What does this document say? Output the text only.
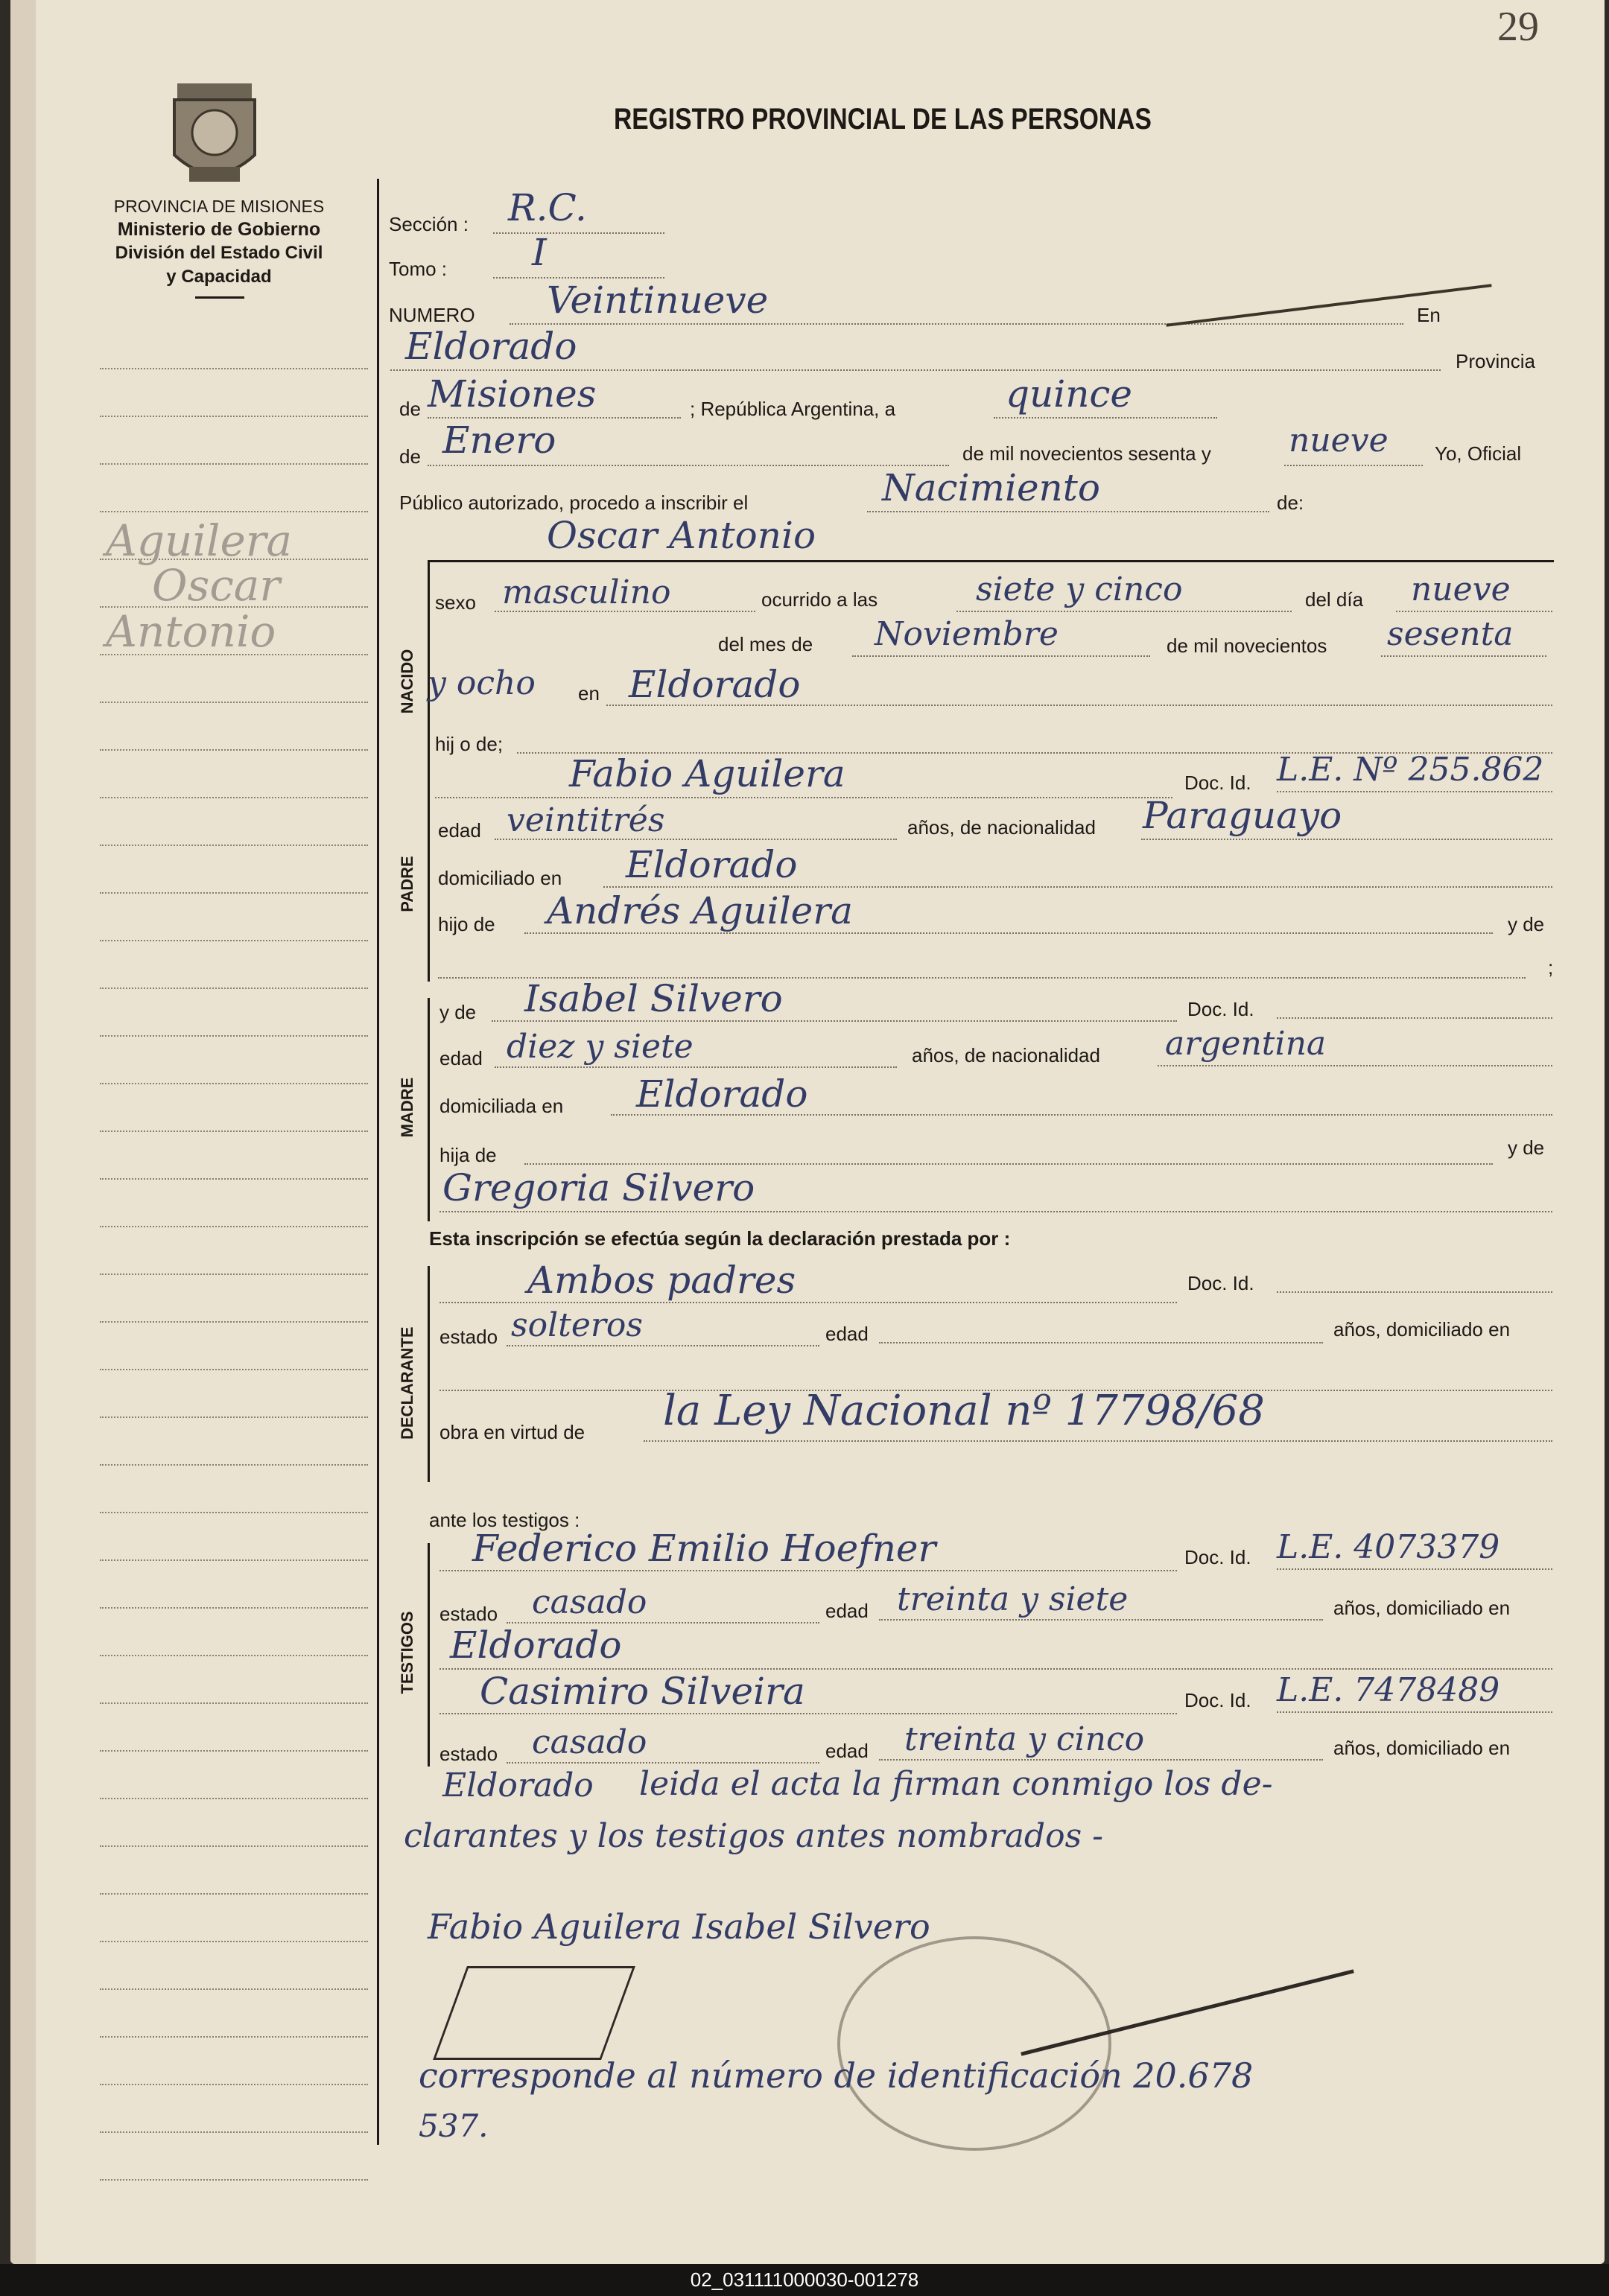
29
PROVINCIA DE MISIONES
Ministerio de Gobierno
División del Estado Civil
y Capacidad
REGISTRO PROVINCIAL DE LAS PERSONAS
Aguilera
Oscar
Antonio
Sección : R.C.
Tomo : I
NUMERO Veintinueve	En
Eldorado	Provincia
de Misiones	; República Argentina, a	quince
de Enero	de mil novecientos sesenta y nueve Yo, Oficial
Público autorizado, procedo a inscribir el	Nacimiento	de:
Oscar Antonio
NACIDO
sexo masculino	ocurrido a las	siete y cinco	del día nueve
del mes de Noviembre	de mil novecientos sesenta
y ocho en Eldorado
hij o de;
PADRE
Fabio Aguilera	Doc. Id. L.E. Nº 255.862
edad veintitrés	años, de nacionalidad Paraguayo
domiciliado en Eldorado
hijo de Andrés Aguilera	y de
;
MADRE
y de Isabel Silvero	Doc. Id.
edad diez y siete	años, de nacionalidad argentina
domiciliada en Eldorado
hija de	y de
Gregoria Silvero
Esta inscripción se efectúa según la declaración prestada por :
DECLARANTE
Ambos padres	Doc. Id.
estado solteros	edad	años, domiciliado en
obra en virtud de la Ley Nacional nº 17798/68
ante los testigos :
TESTIGOS
Federico Emilio Hoefner	Doc. Id. L.E. 4073379
estado casado	edad treinta y siete	años, domiciliado en
Eldorado
Casimiro Silveira	Doc. Id. L.E. 7478489
estado casado	edad treinta y cinco	años, domiciliado en
Eldorado leida el acta la firman conmigo los de-
clarantes y los testigos antes nombrados -
Fabio Aguilera Isabel Silvero
corresponde al número de identificación 20.678
537.
02_031111000030-001278
